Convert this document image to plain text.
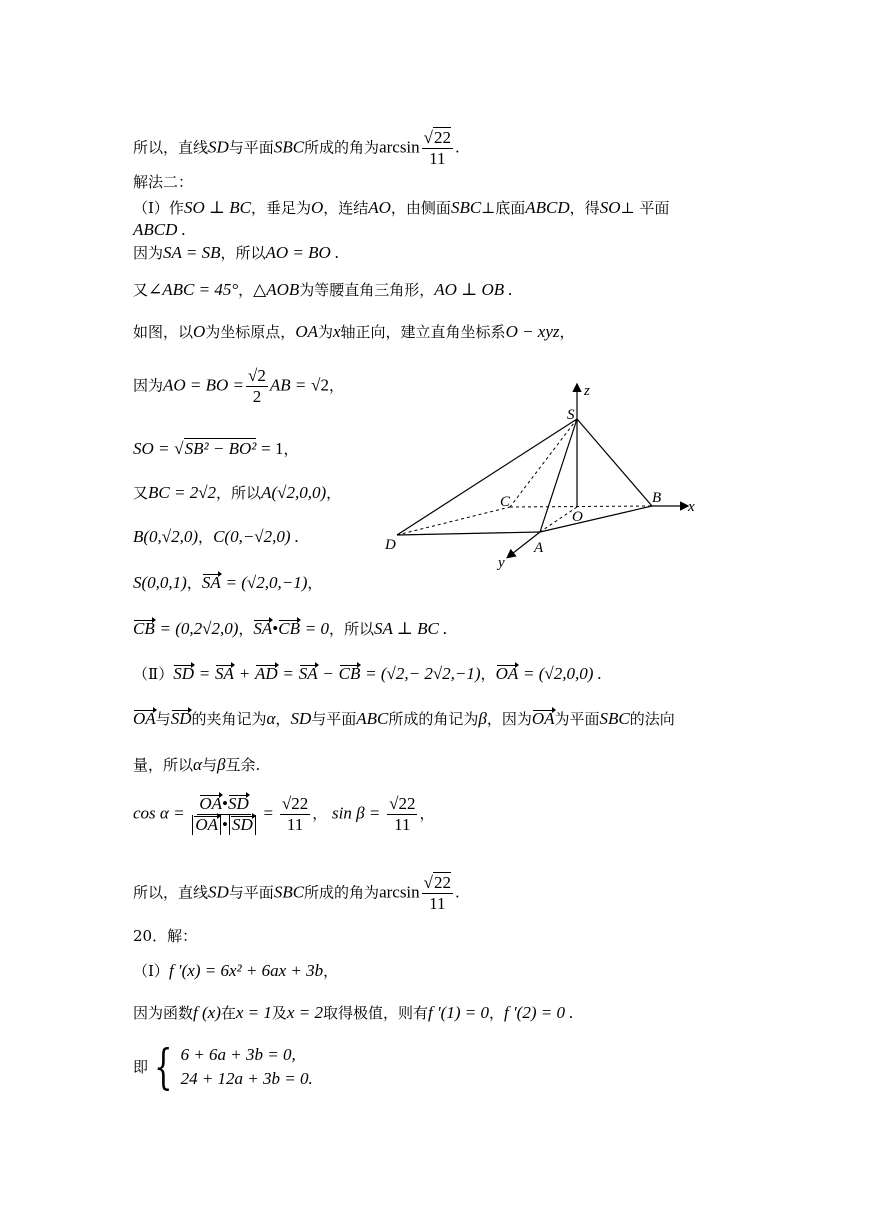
所以，直线SD与平面SBC所成的角为$\arcsin \frac{√22}{11}$ .
解法二：
（Ⅰ）作SO ⊥ BC，垂足为O，连结AO，由侧面SBC⊥底面ABCD，得SO⊥ 平面
ABCD .
因为SA = SB，所以AO = BO .
又∠ABC = 45°，△AOB为等腰直角三角形，AO ⊥ OB .
如图，以O为坐标原点，OA为x轴正向，建立直角坐标系O − xyz，
因为AO = BO = $\frac{√2}{2}$ AB = √2，
SO = √SB² − BO² = 1，
又BC = 2√2，所以A(√2,0,0)，
B(0,√2,0)，C(0,−√2,0) .
S(0,0,1)，SA = (√2,0,−1)，
CB = (0,2√2,0)，SA•CB = 0，所以SA ⊥ BC .
（Ⅱ）SD = SA + AD = SA − CB = (√2,− 2√2,−1)，OA = (√2,0,0) .
OA与SD的夹角记为α，SD与平面ABC所成的角记为β，因为OA为平面SBC的法向
量，所以α与β互余.
$\cos \alpha = \frac{OA•SD}{OA • SD} = \frac{√22}{11}$ ， $\sin \beta = \frac{√22}{11}$ ，
所以，直线SD与平面SBC所成的角为$\arcsin \frac{√22}{11}$ .
20．解：
（Ⅰ）f ′(x) = 6x² + 6ax + 3b，
因为函数f (x)在x = 1及x = 2取得极值，则有f ′(1) = 0，f ′(2) = 0 .
即 { 6 + 6a + 3b = 0,
24 + 12a + 3b = 0.
z
x
y
S
B
C
O
D	A
